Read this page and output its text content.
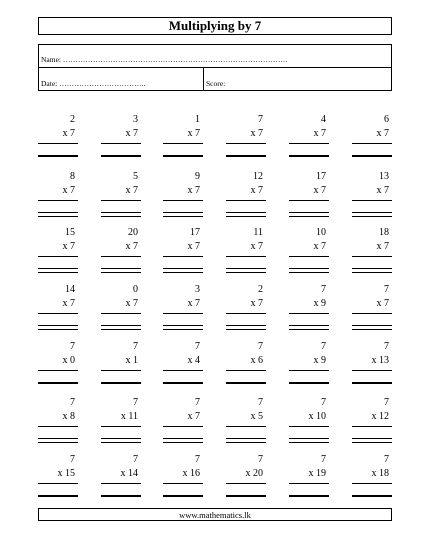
Multiplying by 7
Name: ………………………………………………………………………………
Date: ……………………………..	Score:
2
x 7
3
x 7
1
x 7
7
x 7
4
x 7
6
x 7
8
x 7
5
x 7
9
x 7
12
x 7
17
x 7
13
x 7
15
x 7
20
x 7
17
x 7
11
x 7
10
x 7
18
x 7
14
x 7
0
x 7
3
x 7
2
x 7
7
x 9
7
x 7
7
x 0
7
x 1
7
x 4
7
x 6
7
x 9
7
x 13
7
x 8
7
x 11
7
x 7
7
x 5
7
x 10
7
x 12
7
x 15
7
x 14
7
x 16
7
x 20
7
x 19
7
x 18
www.mathematics.lk
